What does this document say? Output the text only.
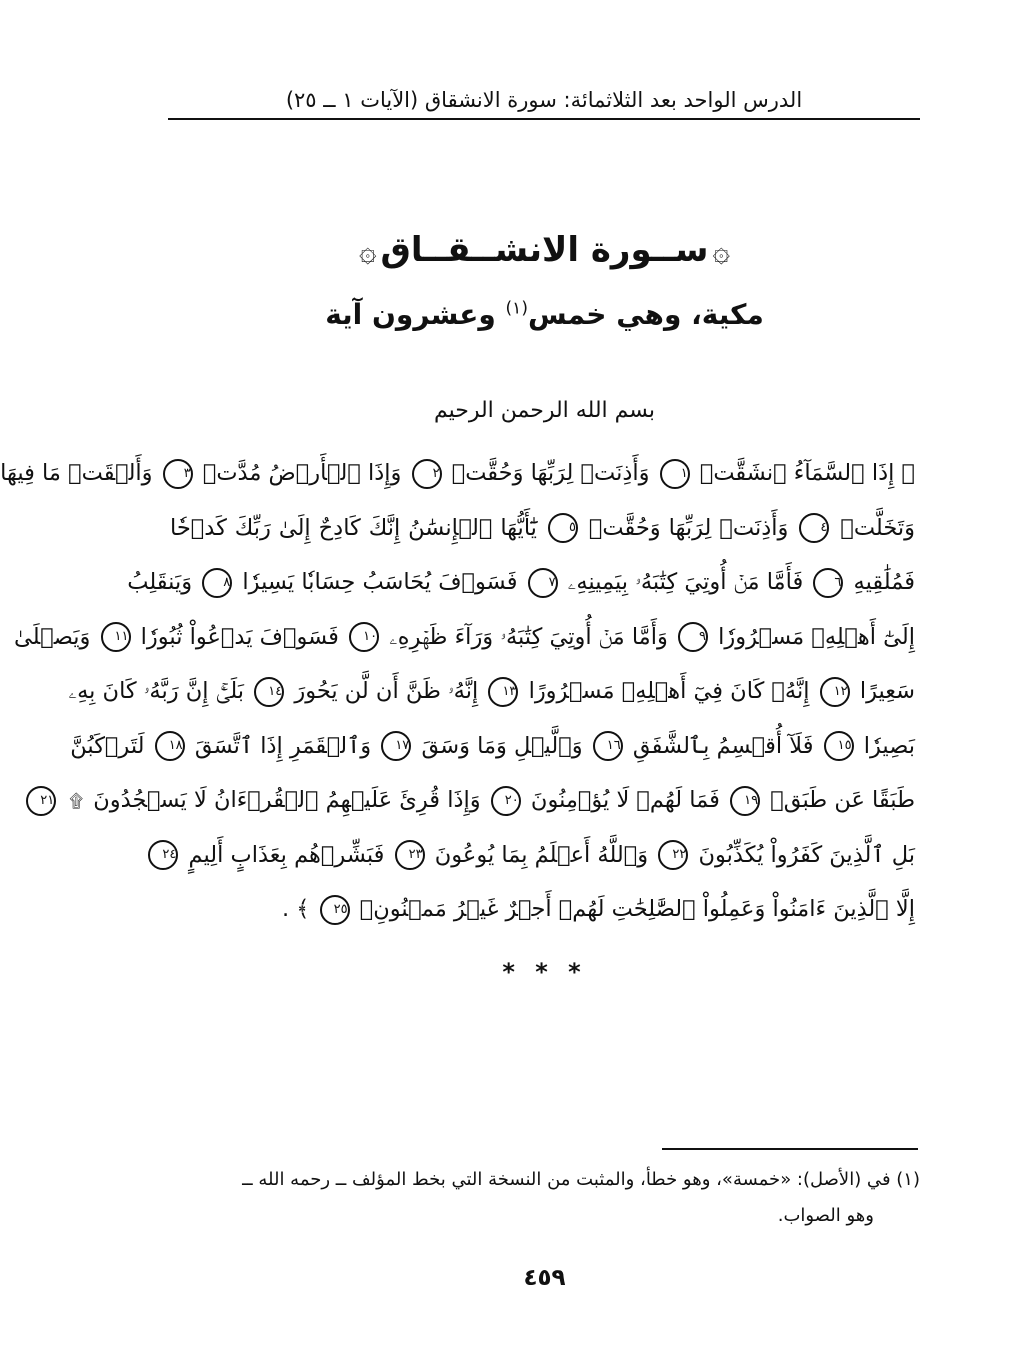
الدرس الواحد بعد الثلاثمائة: سورة الانشقاق (الآيات ١ ــ ٢٥)
۞ســورة الانشــقــاق۞
مكية، وهي خمس$^{(١)}$ وعشرون آية
بسم الله الرحمن الرحيم
﴿ إِذَا ٱلسَّمَآءُ ٱنشَقَّتۡ ١ وَأَذِنَتۡ لِرَبِّهَا وَحُقَّتۡ ٢ وَإِذَا ٱلۡأَرۡضُ مُدَّتۡ ٣ وَأَلۡقَتۡ مَا فِيهَا
وَتَخَلَّتۡ ٤ وَأَذِنَتۡ لِرَبِّهَا وَحُقَّتۡ ٥ يَٰٓأَيُّهَا ٱلۡإِنسَٰنُ إِنَّكَ كَادِحٌ إِلَىٰ رَبِّكَ كَدۡحٗا
فَمُلَٰقِيهِ ٦ فَأَمَّا مَنۡ أُوتِيَ كِتَٰبَهُۥ بِيَمِينِهِۦ ٧ فَسَوۡفَ يُحَاسَبُ حِسَابٗا يَسِيرٗا ٨ وَيَنقَلِبُ
إِلَىٰٓ أَهۡلِهِۦ مَسۡرُورٗا ٩ وَأَمَّا مَنۡ أُوتِيَ كِتَٰبَهُۥ وَرَآءَ ظَهۡرِهِۦ ١٠ فَسَوۡفَ يَدۡعُواْ ثُبُورٗا ١١ وَيَصۡلَىٰ
سَعِيرًا ١٢ إِنَّهُۥ كَانَ فِيٓ أَهۡلِهِۦ مَسۡرُورًا ١٣ إِنَّهُۥ ظَنَّ أَن لَّن يَحُورَ ١٤ بَلَىٰٓۚ إِنَّ رَبَّهُۥ كَانَ بِهِۦ
بَصِيرٗا ١٥ فَلَآ أُقۡسِمُ بِٱلشَّفَقِ ١٦ وَٱلَّيۡلِ وَمَا وَسَقَ ١٧ وَٱلۡقَمَرِ إِذَا ٱتَّسَقَ ١٨ لَتَرۡكَبُنَّ
طَبَقًا عَن طَبَقٖ ١٩ فَمَا لَهُمۡ لَا يُؤۡمِنُونَ ٢٠ وَإِذَا قُرِئَ عَلَيۡهِمُ ٱلۡقُرۡءَانُ لَا يَسۡجُدُونَ ۩ ٢١
بَلِ ٱلَّذِينَ كَفَرُواْ يُكَذِّبُونَ ٢٢ وَٱللَّهُ أَعۡلَمُ بِمَا يُوعُونَ ٢٣ فَبَشِّرۡهُم بِعَذَابٍ أَلِيمٍ ٢٤
إِلَّا ٱلَّذِينَ ءَامَنُواْ وَعَمِلُواْ ٱلصَّٰلِحَٰتِ لَهُمۡ أَجۡرٌ غَيۡرُ مَمۡنُونِۭ ٢٥ ﴾ .
* * *
(١) في (الأصل): «خمسة»، وهو خطأ، والمثبت من النسخة التي بخط المؤلف ــ رحمه الله ــ
وهو الصواب.
٤٥٩
